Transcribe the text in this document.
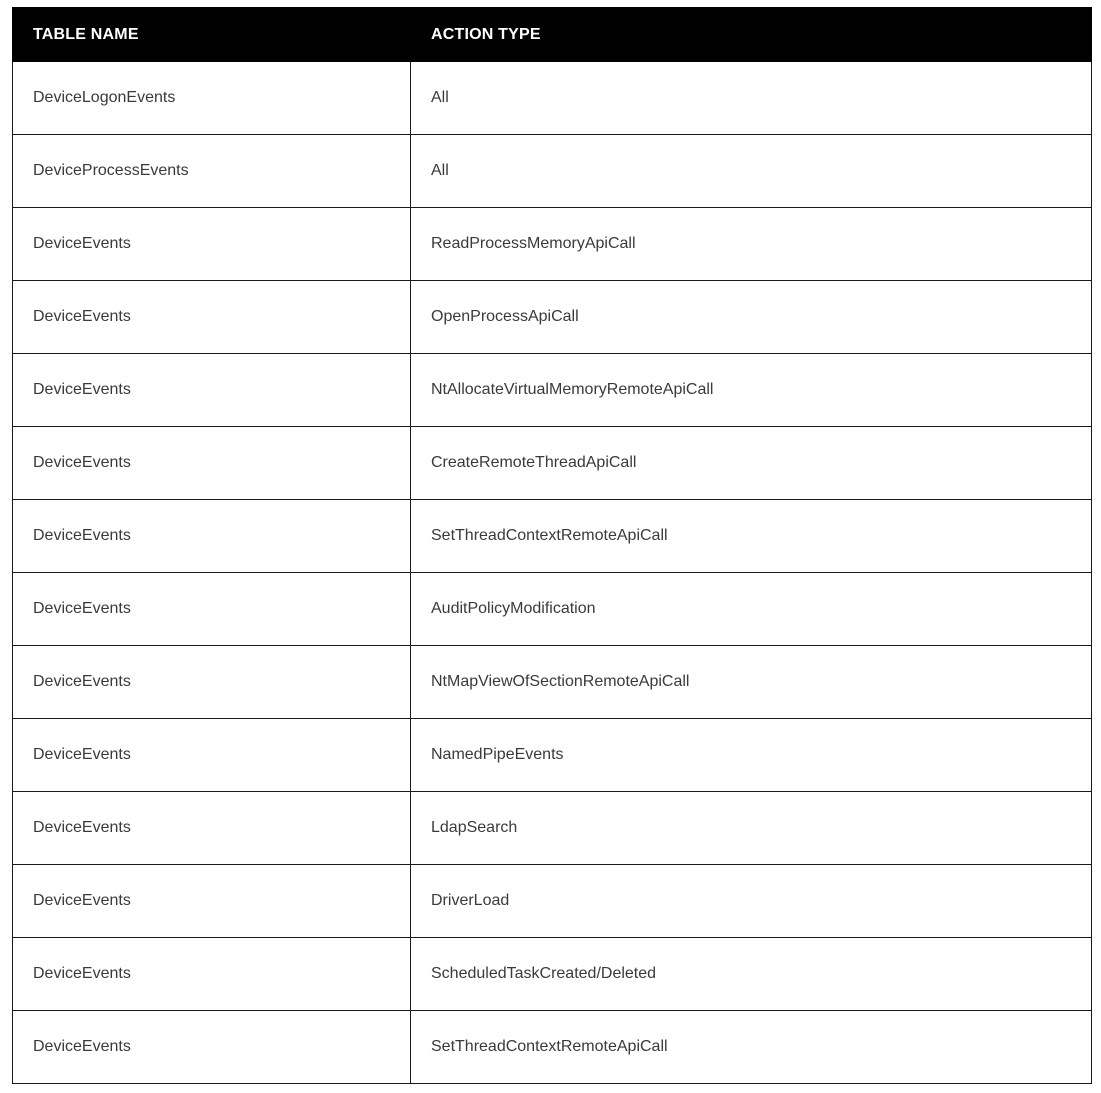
TABLE NAME	ACTION TYPE
DeviceLogonEvents	All
DeviceProcessEvents	All
DeviceEvents	ReadProcessMemoryApiCall
DeviceEvents	OpenProcessApiCall
DeviceEvents	NtAllocateVirtualMemoryRemoteApiCall
DeviceEvents	CreateRemoteThreadApiCall
DeviceEvents	SetThreadContextRemoteApiCall
DeviceEvents	AuditPolicyModification
DeviceEvents	NtMapViewOfSectionRemoteApiCall
DeviceEvents	NamedPipeEvents
DeviceEvents	LdapSearch
DeviceEvents	DriverLoad
DeviceEvents	ScheduledTaskCreated/Deleted
DeviceEvents	SetThreadContextRemoteApiCall
